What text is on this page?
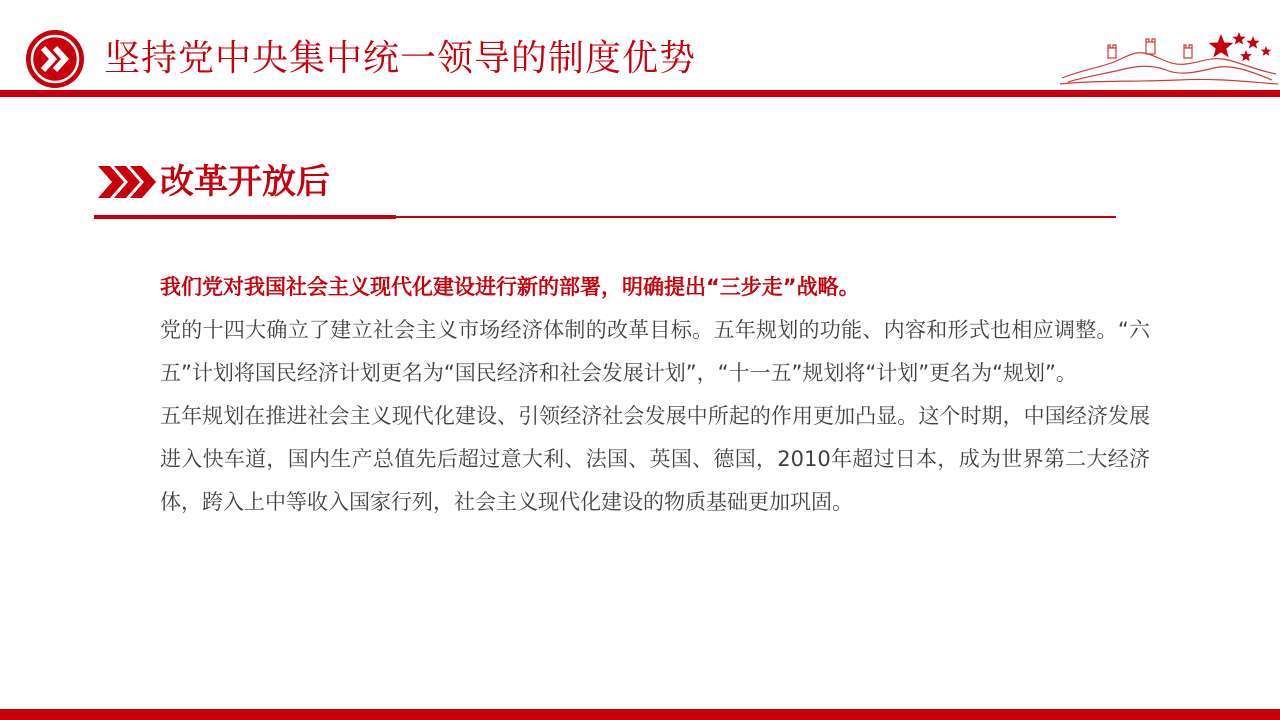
坚持党中央集中统一领导的制度优势
改革开放后
我们党对我国社会主义现代化建设进行新的部署，明确提出“三步走”战略。
党的十四大确立了建立社会主义市场经济体制的改革目标。五年规划的功能、内容和形式也相应调整。“六五”计划将国民经济计划更名为“国民经济和社会发展计划”，“十一五”规划将“计划”更名为“规划”。
五年规划在推进社会主义现代化建设、引领经济社会发展中所起的作用更加凸显。这个时期，中国经济发展进入快车道，国内生产总值先后超过意大利、法国、英国、德国，2010年超过日本，成为世界第二大经济体，跨入上中等收入国家行列，社会主义现代化建设的物质基础更加巩固。
